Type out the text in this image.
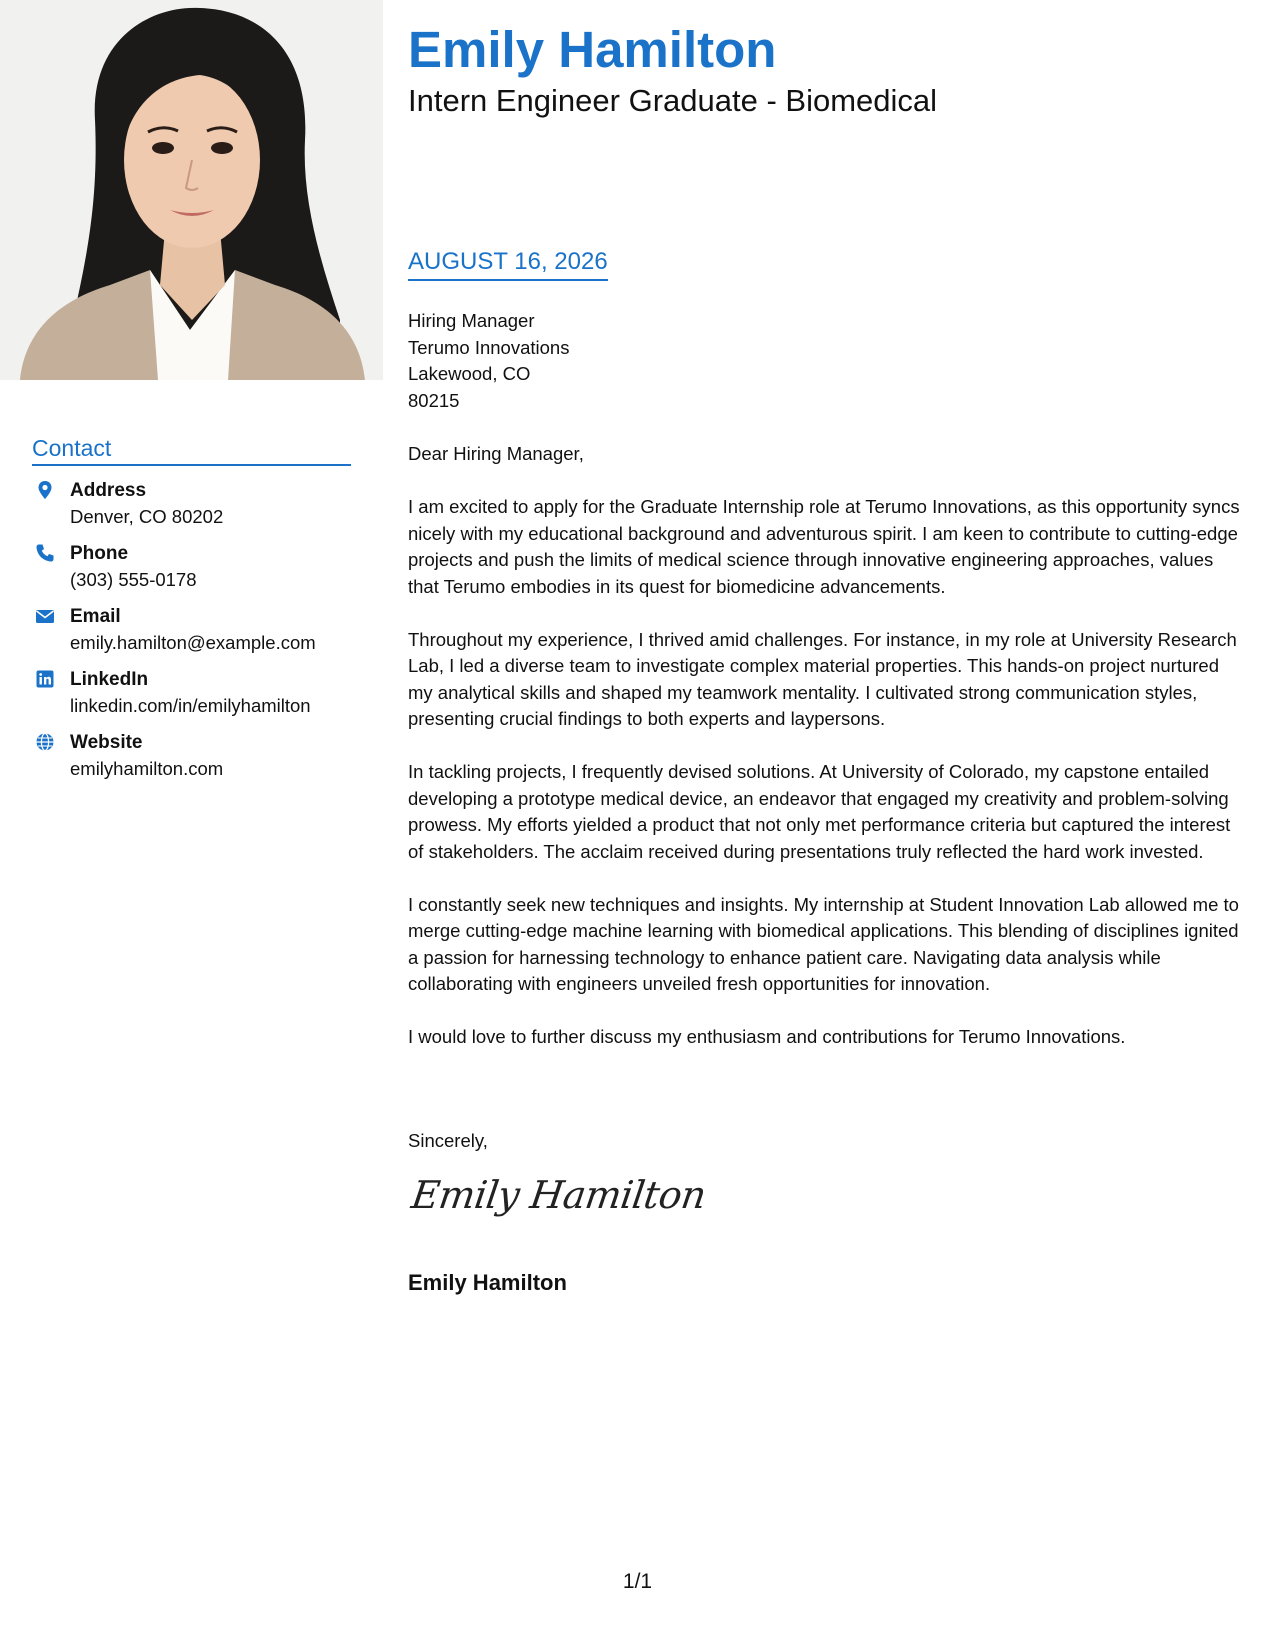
Contact
Address
Denver, CO 80202
Phone
(303) 555-0178
Email
emily.hamilton@example.com
LinkedIn
linkedin.com/in/emilyhamilton
Website
emilyhamilton.com
Emily Hamilton
Intern Engineer Graduate - Biomedical
AUGUST 16, 2026
Hiring Manager
Terumo Innovations
Lakewood, CO
80215

Dear Hiring Manager,

I am excited to apply for the Graduate Internship role at Terumo Innovations, as this opportunity syncs nicely with my educational background and adventurous spirit. I am keen to contribute to cutting-edge projects and push the limits of medical science through innovative engineering approaches, values that Terumo embodies in its quest for biomedicine advancements.

Throughout my experience, I thrived amid challenges. For instance, in my role at University Research Lab, I led a diverse team to investigate complex material properties. This hands-on project nurtured my analytical skills and shaped my teamwork mentality. I cultivated strong communication styles, presenting crucial findings to both experts and laypersons.

In tackling projects, I frequently devised solutions. At University of Colorado, my capstone entailed developing a prototype medical device, an endeavor that engaged my creativity and problem-solving prowess. My efforts yielded a product that not only met performance criteria but captured the interest of stakeholders. The acclaim received during presentations truly reflected the hard work invested.

I constantly seek new techniques and insights. My internship at Student Innovation Lab allowed me to merge cutting-edge machine learning with biomedical applications. This blending of disciplines ignited a passion for harnessing technology to enhance patient care. Navigating data analysis while collaborating with engineers unveiled fresh opportunities for innovation.

I would love to further discuss my enthusiasm and contributions for Terumo Innovations.

Sincerely,
Emily Hamilton
Emily Hamilton
1/1
